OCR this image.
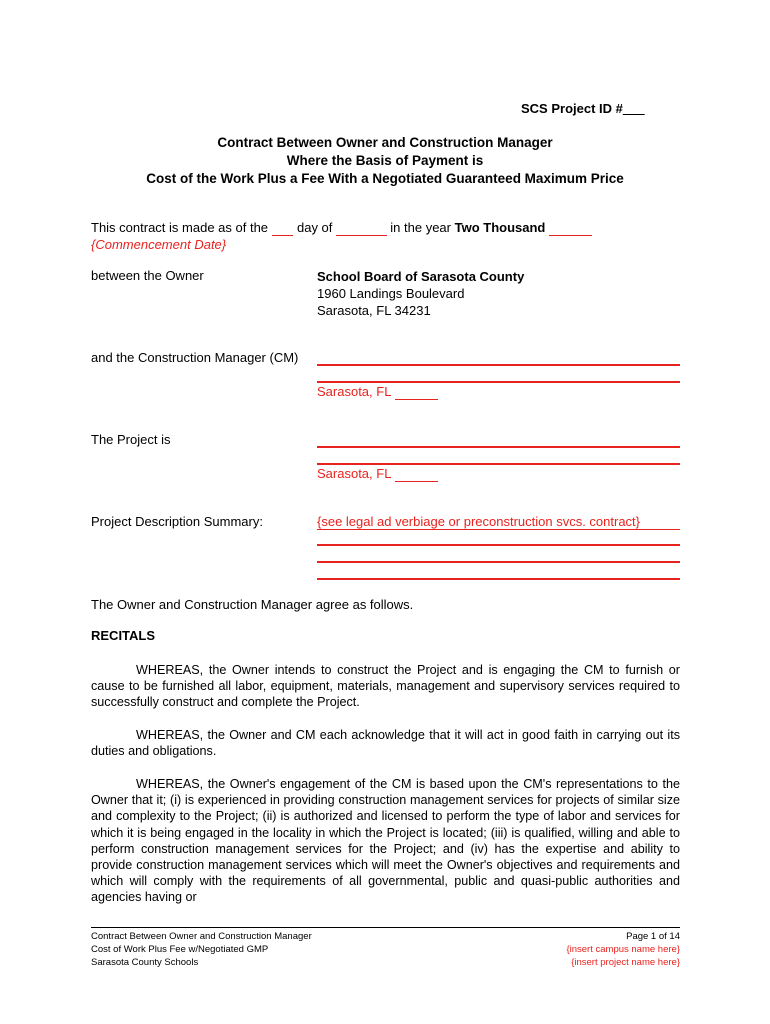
SCS Project ID #___
Contract Between Owner and Construction Manager
Where the Basis of Payment is
Cost of the Work Plus a Fee With a Negotiated Guaranteed Maximum Price
This contract is made as of the day of	in the year Two Thousand
{Commencement Date}
between the Owner	School Board of Sarasota County
1960 Landings Boulevard
Sarasota, FL 34231
and the Construction Manager (CM)
Sarasota, FL
The Project is
Sarasota, FL
Project Description Summary:	{see legal ad verbiage or preconstruction svcs. contract}
The Owner and Construction Manager agree as follows.
RECITALS
WHEREAS, the Owner intends to construct the Project and is engaging the CM to furnish or cause to be furnished all labor, equipment, materials, management and supervisory services required to successfully construct and complete the Project.
WHEREAS, the Owner and CM each acknowledge that it will act in good faith in carrying out its duties and obligations.
WHEREAS, the Owner's engagement of the CM is based upon the CM's representations to the Owner that it; (i) is experienced in providing construction management services for projects of similar size and complexity to the Project; (ii) is authorized and licensed to perform the type of labor and services for which it is being engaged in the locality in which the Project is located; (iii) is qualified, willing and able to perform construction management services for the Project; and (iv) has the expertise and ability to provide construction management services which will meet the Owner's objectives and requirements and which will comply with the requirements of all governmental, public and quasi-public authorities and agencies having or
Contract Between Owner and Construction Manager
Cost of Work Plus Fee w/Negotiated GMP
Sarasota County Schools
Page 1 of 14
{insert campus name here}
{insert project name here}
